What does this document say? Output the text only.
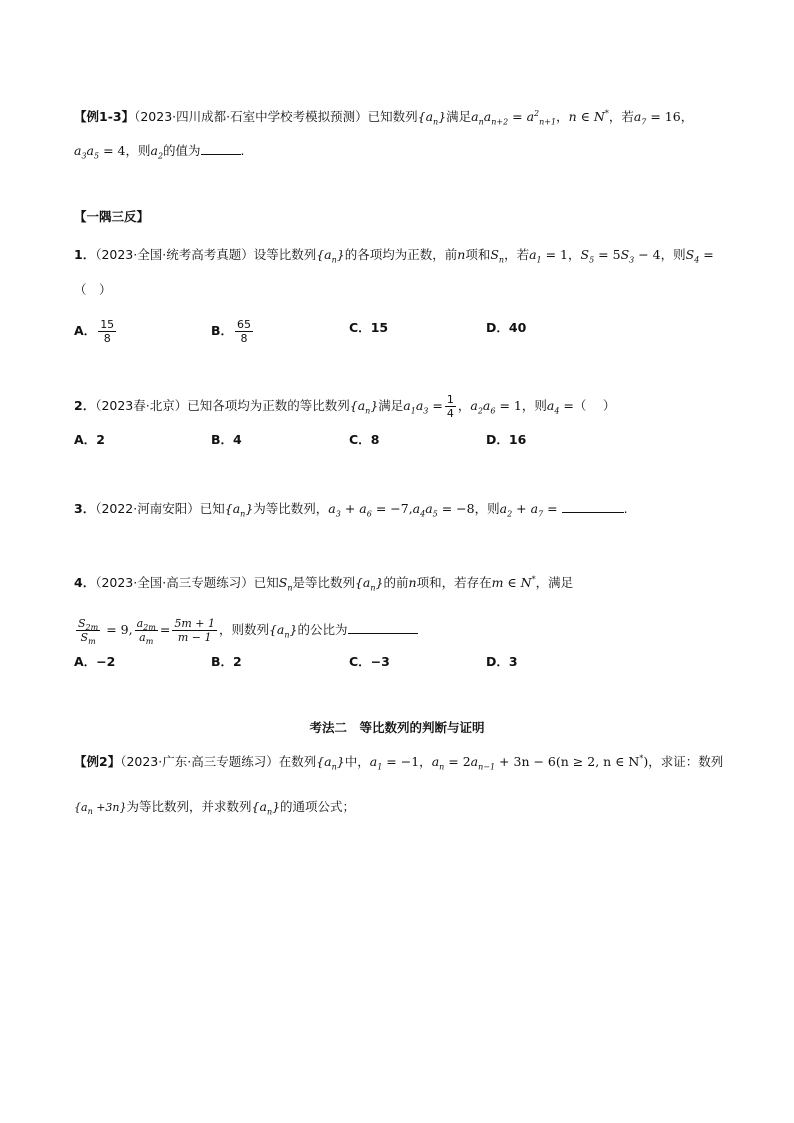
【例1-3】（2023·四川成都·石室中学校考模拟预测）已知数列$\{a_n\}$满足$a_na_{n+2} = a^2_{n+1}$，n ∈ N*，若$a_7 = 16$，
$a_3a_5 = 4$，则$a_2$的值为	.
【一隅三反】
1．（2023·全国·统考高考真题）设等比数列$\{a_n\}$的各项均为正数，前n项和$S_n$，若$a_1 = 1$，$S_5 = 5S_3 - 4$，则$S_4$ =
（　）
A． $\frac{15}{8}$	B． $\frac{65}{8}$	C．15	D．40
2．（2023春·北京）已知各项均为正数的等比数列$\{a_n\}$满足$a_1a_3 = \frac{1}{4}$ ，$a_2a_6 = 1$，则$a_4$ =（　 ）
A．2	B．4	C．8	D．16
3．（2022·河南安阳）已知$\{a_n\}$为等比数列，$a_3 + a_6 = -7,a_4a_5 = -8$，则$a_2 + a_7$ =	.
4．（2023·全国·高三专题练习）已知$S_n$是等比数列$\{a_n\}$的前n项和，若存在m ∈ N*，满足
$\frac{S_{2m}}{S_m} = 9$, $\frac{a_{2m}}{a_m} = \frac{5m + 1}{m - 1}$ ，则数列$\{a_n\}$的公比为
A．−2	B．2	C．−3	D．3
考法二　等比数列的判断与证明
【例2】（2023·广东·高三专题练习）在数列$\{a_n\}$中，$a_1 = -1$，$a_n = 2a_{n-1} + 3n - 6(n \ge 2$, n ∈ N*)，求证：数列
$\{a_n +3n\}$为等比数列，并求数列$\{a_n\}$的通项公式；
